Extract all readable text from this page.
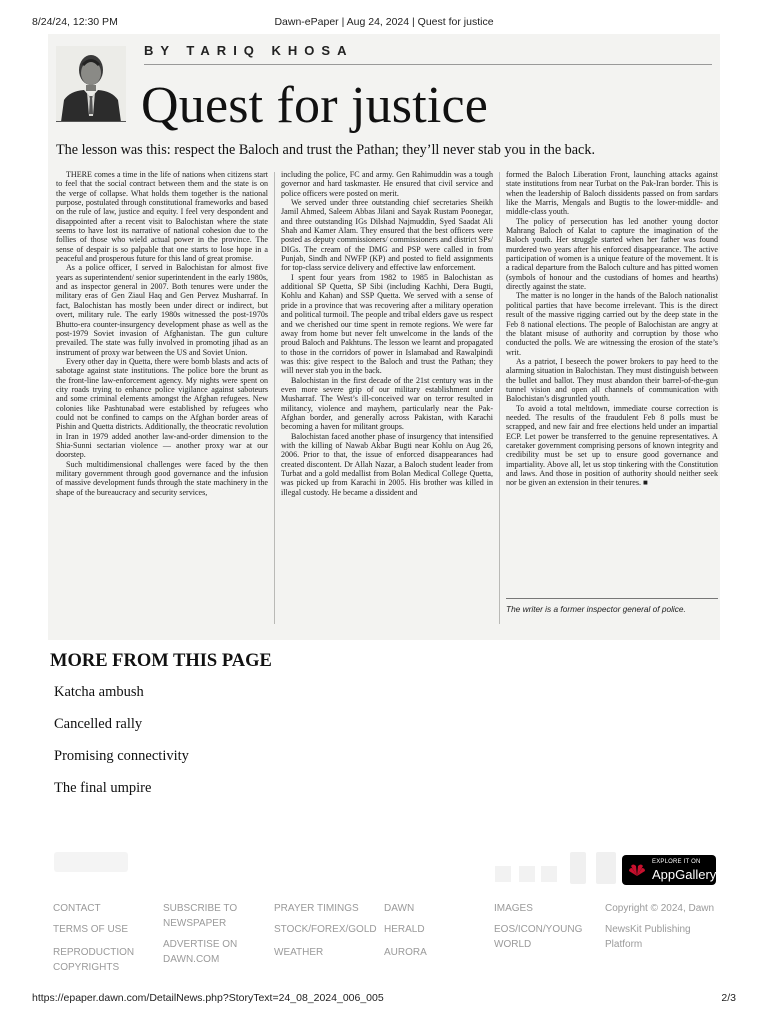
8/24/24, 12:30 PM	Dawn-ePaper | Aug 24, 2024 | Quest for justice
BY TARIQ KHOSA
Quest for justice
The lesson was this: respect the Baloch and trust the Pathan; they’ll never stab you in the back.

THERE comes a time in the life of nations when citizens start to feel that the social contract between them and the state is on the verge of collapse. What holds them together is the national purpose, postulated through constitutional frameworks and based on the rule of law, justice and equity. I feel very despondent and disappointed after a recent visit to Balochistan where the state seems to have lost its narrative of national cohesion due to the follies of those who wield actual power in the province. The sense of despair is so palpable that one starts to lose hope in a peaceful and prosperous future for this land of great promise.

As a police officer, I served in Balochistan for almost five years as superintendent/ senior superintendent in the early 1980s, and as inspector general in 2007. Both tenures were under the military eras of Gen Ziaul Haq and Gen Pervez Musharraf. In fact, Balochistan has mostly been under direct or indirect, but overt, military rule. The early 1980s witnessed the post-1970s Bhutto-era counter-insurgency development phase as well as the post-1979 Soviet invasion of Afghanistan. The gun culture prevailed. The state was fully involved in promoting jihad as an instrument of proxy war between the US and Soviet Union.

Every other day in Quetta, there were bomb blasts and acts of sabotage against state institutions. The police bore the brunt as the front-line law-enforcement agency. My nights were spent on city roads trying to enhance police vigilance against saboteurs and some criminal elements amongst the Afghan refugees. New colonies like Pashtunabad were established by refugees who could not be confined to camps on the Afghan border areas of Pishin and Quetta districts. Additionally, the theocratic revolution in Iran in 1979 added another law-and-order dimension to the Shia-Sunni sectarian violence — another proxy war at our doorstep.

Such multidimensional challenges were faced by the then military government through good governance and the infusion of massive development funds through the state machinery in the shape of the bureaucracy and security services,

including the police, FC and army. Gen Rahimuddin was a tough governor and hard taskmaster. He ensured that civil service and police officers were posted on merit.

We served under three outstanding chief secretaries Sheikh Jamil Ahmed, Saleem Abbas Jilani and Sayak Rustam Poonegar, and three outstanding IGs Dilshad Najmuddin, Syed Saadat Ali Shah and Kamer Alam. They ensured that the best officers were posted as deputy commissioners/ commissioners and district SPs/ DIGs. The cream of the DMG and PSP were called in from Punjab, Sindh and NWFP (KP) and posted to field assignments for top-class service delivery and effective law enforcement.

I spent four years from 1982 to 1985 in Balochistan as additional SP Quetta, SP Sibi (including Kachhi, Dera Bugti, Kohlu and Kahan) and SSP Quetta. We served with a sense of pride in a province that was recovering after a military operation and political turmoil. The people and tribal elders gave us respect and we cherished our time spent in remote regions. We were far away from home but never felt unwelcome in the lands of the proud Baloch and Pakhtuns. The lesson we learnt and propagated to those in the corridors of power in Islamabad and Rawalpindi was this: give respect to the Baloch and trust the Pathan; they will never stab you in the back.

Balochistan in the first decade of the 21st century was in the even more severe grip of our military establishment under Musharraf. The West’s ill-conceived war on terror resulted in militancy, violence and mayhem, particularly near the Pak-Afghan border, and generally across Pakistan, with Karachi becoming a haven for militant groups.

Balochistan faced another phase of insurgency that intensified with the killing of Nawab Akbar Bugti near Kohlu on Aug 26, 2006. Prior to that, the issue of enforced disappearances had created discontent. Dr Allah Nazar, a Baloch student leader from Turbat and a gold medallist from Bolan Medical College Quetta, was picked up from Karachi in 2005. His brother was killed in illegal custody. He became a dissident and

formed the Baloch Liberation Front, launching attacks against state institutions from near Turbat on the Pak-Iran border. This is when the leadership of Baloch dissidents passed on from sardars like the Marris, Mengals and Bugtis to the lower-middle- and middle-class youth.

The policy of persecution has led another young doctor Mahrang Baloch of Kalat to capture the imagination of the Baloch youth. Her struggle started when her father was found murdered two years after his enforced disappearance. The active participation of women is a unique feature of the movement. It is a radical departure from the Baloch culture and has pitted women (symbols of honour and the custodians of homes and hearths) directly against the state.

The matter is no longer in the hands of the Baloch nationalist political parties that have become irrelevant. This is the direct result of the massive rigging carried out by the deep state in the Feb 8 national elections. The people of Balochistan are angry at the blatant misuse of authority and corruption by those who conducted the polls. We are witnessing the erosion of the state’s writ.

As a patriot, I beseech the power brokers to pay heed to the alarming situation in Balochistan. They must distinguish between the bullet and ballot. They must abandon their barrel-of-the-gun tunnel vision and open all channels of communication with Balochistan’s disgruntled youth.

To avoid a total meltdown, immediate course correction is needed. The results of the fraudulent Feb 8 polls must be scrapped, and new fair and free elections held under an impartial ECP. Let power be transferred to the genuine representatives. A caretaker government comprising persons of known integrity and credibility must be set up to ensure good governance and impartiality. Above all, let us stop tinkering with the Constitution and laws. And those in position of authority should neither seek nor be given an extension in their tenures. ■

The writer is a former inspector general of police.
MORE FROM THIS PAGE
Katcha ambush
Cancelled rally
Promising connectivity
The final umpire
EXPLORE IT ON
AppGallery
CONTACT
TERMS OF USE
REPRODUCTION COPYRIGHTS
SUBSCRIBE TO NEWSPAPER
ADVERTISE ON DAWN.COM
PRAYER TIMINGS
STOCK/FOREX/GOLD
WEATHER
DAWN
HERALD
AURORA
IMAGES
EOS/ICON/YOUNG WORLD
Copyright © 2024, Dawn
NewsKit Publishing Platform
https://epaper.dawn.com/DetailNews.php?StoryText=24_08_2024_006_005	2/3
